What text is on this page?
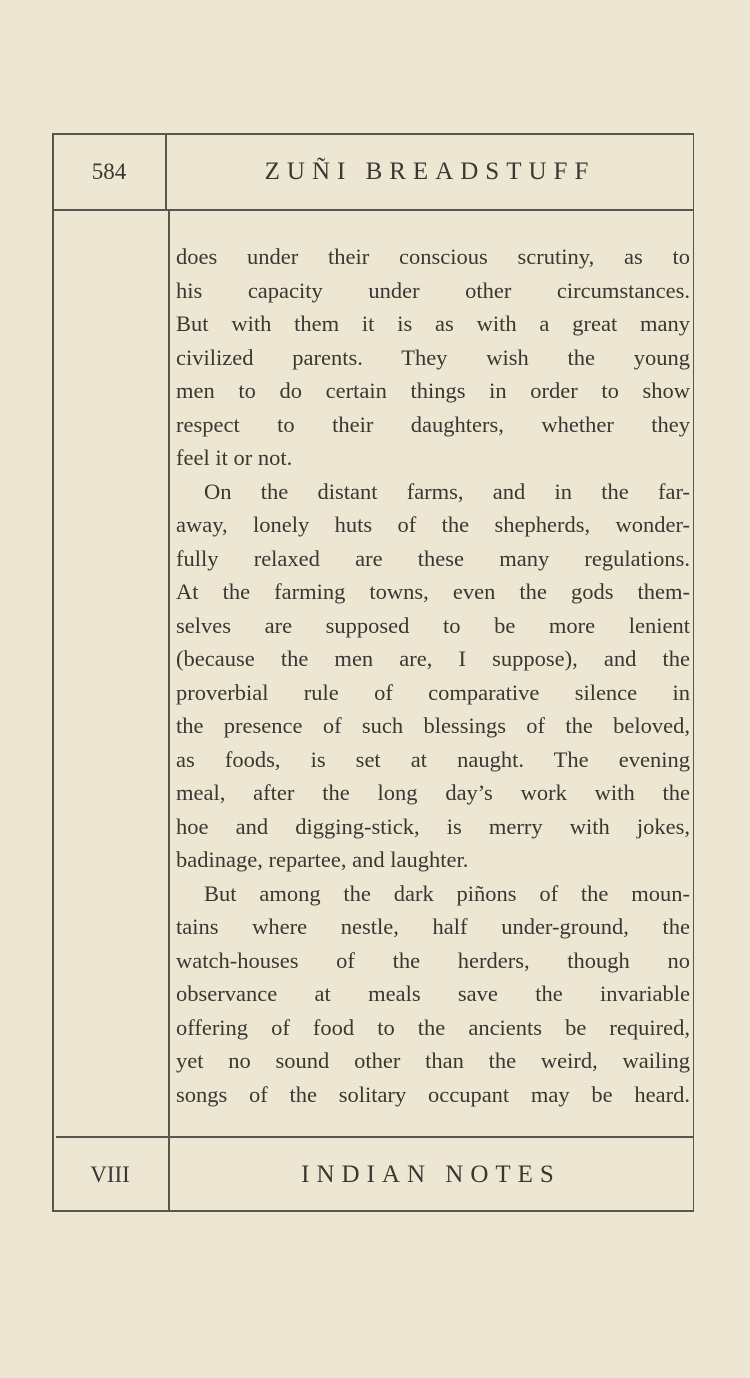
584	ZUÑI BREADSTUFF
does under their conscious scrutiny, as to
his capacity under other circumstances.
But with them it is as with a great many
civilized parents. They wish the young
men to do certain things in order to show
respect to their daughters, whether they
feel it or not.
On the distant farms, and in the far-
away, lonely huts of the shepherds, wonder-
fully relaxed are these many regulations.
At the farming towns, even the gods them-
selves are supposed to be more lenient
(because the men are, I suppose), and the
proverbial rule of comparative silence in
the presence of such blessings of the beloved,
as foods, is set at naught. The evening
meal, after the long day’s work with the
hoe and digging-stick, is merry with jokes,
badinage, repartee, and laughter.
But among the dark piñons of the moun-
tains where nestle, half under-ground, the
watch-houses of the herders, though no
observance at meals save the invariable
offering of food to the ancients be required,
yet no sound other than the weird, wailing
songs of the solitary occupant may be heard.
VIII	INDIAN NOTES
